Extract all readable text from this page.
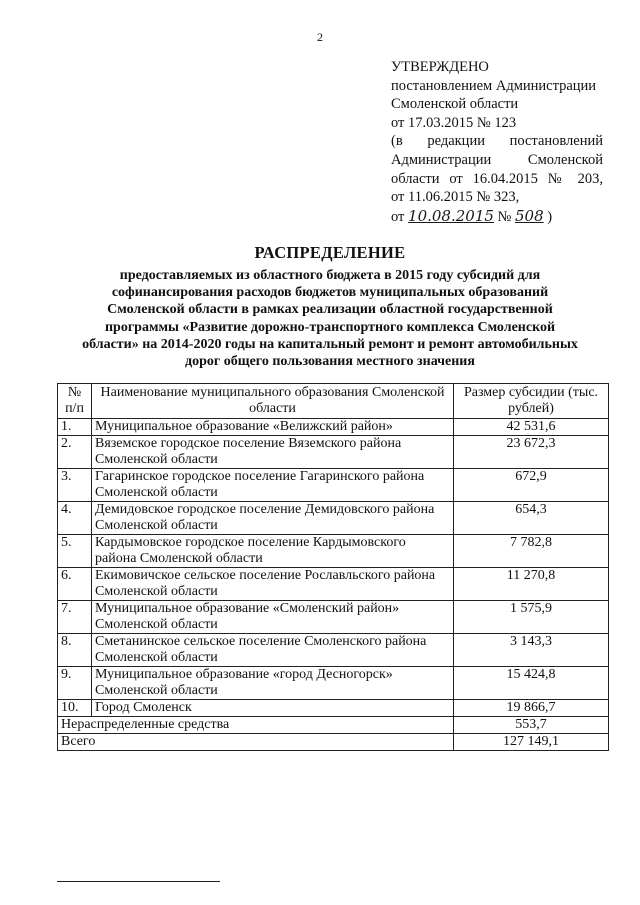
2
УТВЕРЖДЕНО
постановлением Администрации
Смоленской области
от 17.03.2015 № 123
(в редакции постановлений
Администрации Смоленской
области от 16.04.2015 № 203,
от 11.06.2015 № 323,
от 10.08.2015 № 508 )
РАСПРЕДЕЛЕНИЕ
предоставляемых из областного бюджета в 2015 году субсидий для софинансирования расходов бюджетов муниципальных образований Смоленской области в рамках реализации областной государственной программы «Развитие дорожно-транспортного комплекса Смоленской области» на 2014-2020 годы на капитальный ремонт и ремонт автомобильных дорог общего пользования местного значения
№ п/п	Наименование муниципального образования Смоленской области	Размер субсидии (тыс. рублей)
1.	Муниципальное образование «Велижский район»	42 531,6
2.	Вяземское городское поселение Вяземского района Смоленской области	23 672,3
3.	Гагаринское городское поселение Гагаринского района Смоленской области	672,9
4.	Демидовское городское поселение Демидовского района Смоленской области	654,3
5.	Кардымовское городское поселение Кардымовского района Смоленской области	7 782,8
6.	Екимовичское сельское поселение Рославльского района Смоленской области	11 270,8
7.	Муниципальное образование «Смоленский район» Смоленской области	1 575,9
8.	Сметанинское сельское поселение Смоленского района Смоленской области	3 143,3
9.	Муниципальное образование «город Десногорск» Смоленской области	15 424,8
10.	Город Смоленск	19 866,7
Нераспределенные средства		553,7
Всего		127 149,1
